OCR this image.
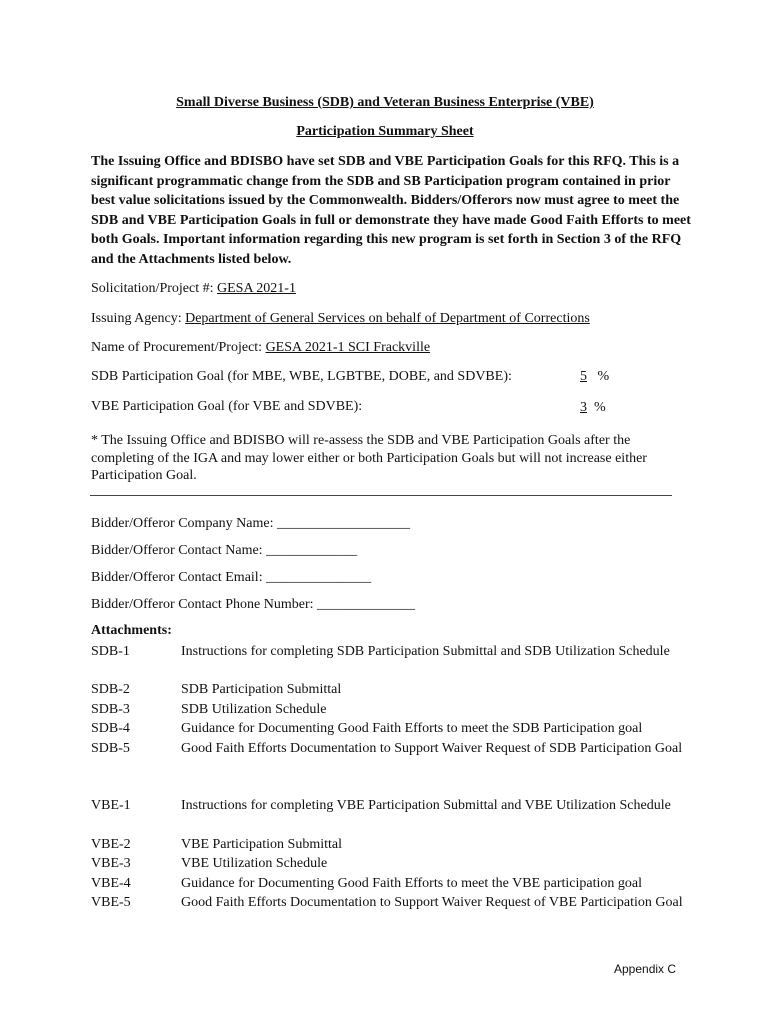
Small Diverse Business (SDB) and Veteran Business Enterprise (VBE)
Participation Summary Sheet
The Issuing Office and BDISBO have set SDB and VBE Participation Goals for this RFQ. This is a significant programmatic change from the SDB and SB Participation program contained in prior best value solicitations issued by the Commonwealth. Bidders/Offerors now must agree to meet the SDB and VBE Participation Goals in full or demonstrate they have made Good Faith Efforts to meet both Goals. Important information regarding this new program is set forth in Section 3 of the RFQ and the Attachments listed below.
Solicitation/Project #: GESA 2021-1
Issuing Agency: Department of General Services on behalf of Department of Corrections
Name of Procurement/Project: GESA 2021-1 SCI Frackville
SDB Participation Goal (for MBE, WBE, LGBTBE, DOBE, and SDVBE):	5 %
VBE Participation Goal (for VBE and SDVBE):	3 %
* The Issuing Office and BDISBO will re-assess the SDB and VBE Participation Goals after the completing of the IGA and may lower either or both Participation Goals but will not increase either Participation Goal.
Bidder/Offeror Company Name: ___________________
Bidder/Offeror Contact Name: _____________
Bidder/Offeror Contact Email: _______________
Bidder/Offeror Contact Phone Number: ______________
Attachments:
SDB-1	Instructions for completing SDB Participation Submittal and SDB Utilization Schedule
SDB-2	SDB Participation Submittal
SDB-3	SDB Utilization Schedule
SDB-4	Guidance for Documenting Good Faith Efforts to meet the SDB Participation goal
SDB-5	Good Faith Efforts Documentation to Support Waiver Request of SDB Participation Goal
VBE-1	Instructions for completing VBE Participation Submittal and VBE Utilization Schedule
VBE-2	VBE Participation Submittal
VBE-3	VBE Utilization Schedule
VBE-4	Guidance for Documenting Good Faith Efforts to meet the VBE participation goal
VBE-5	Good Faith Efforts Documentation to Support Waiver Request of VBE Participation Goal
Appendix C
